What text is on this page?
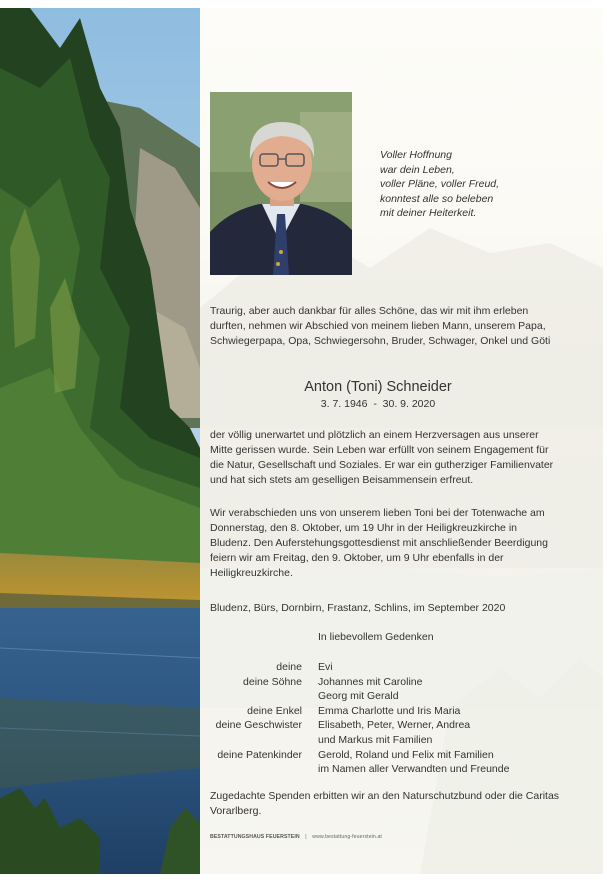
Voller Hoffnung
war dein Leben,
voller Pläne, voller Freud,
konntest alle so beleben
mit deiner Heiterkeit.
Traurig, aber auch dankbar für alles Schöne, das wir mit ihm erleben durften, nehmen wir Abschied von meinem lieben Mann, unserem Papa, Schwiegerpapa, Opa, Schwiegersohn, Bruder, Schwager, Onkel und Göti
Anton (Toni) Schneider
3. 7. 1946  -  30. 9. 2020
der völlig unerwartet und plötzlich an einem Herzversagen aus unserer Mitte gerissen wurde. Sein Leben war erfüllt von seinem Engagement für die Natur, Gesellschaft und Soziales. Er war ein gutherziger Familienvater und hat sich stets am geselligen Beisammensein erfreut.
Wir verabschieden uns von unserem lieben Toni bei der Totenwache am Donnerstag, den 8. Oktober, um 19 Uhr in der Heiligkreuzkirche in Bludenz. Den Auferstehungsgottesdienst mit anschließender Beerdigung feiern wir am Freitag, den 9. Oktober, um 9 Uhr ebenfalls in der Heiligkreuzkirche.
Bludenz, Bürs, Dornbirn, Frastanz, Schlins, im September 2020
In liebevollem Gedenken
deine	Evi
deine Söhne	Johannes mit Caroline
Georg mit Gerald
deine Enkel	Emma Charlotte und Iris Maria
deine Geschwister	Elisabeth, Peter, Werner, Andrea
und Markus mit Familien
deine Patenkinder	Gerold, Roland und Felix mit Familien
im Namen aller Verwandten und Freunde
Zugedachte Spenden erbitten wir an den Naturschutzbund oder die Caritas Vorarlberg.
BESTATTUNGSHAUS FEUERSTEIN | www.bestattung-feuerstein.at
